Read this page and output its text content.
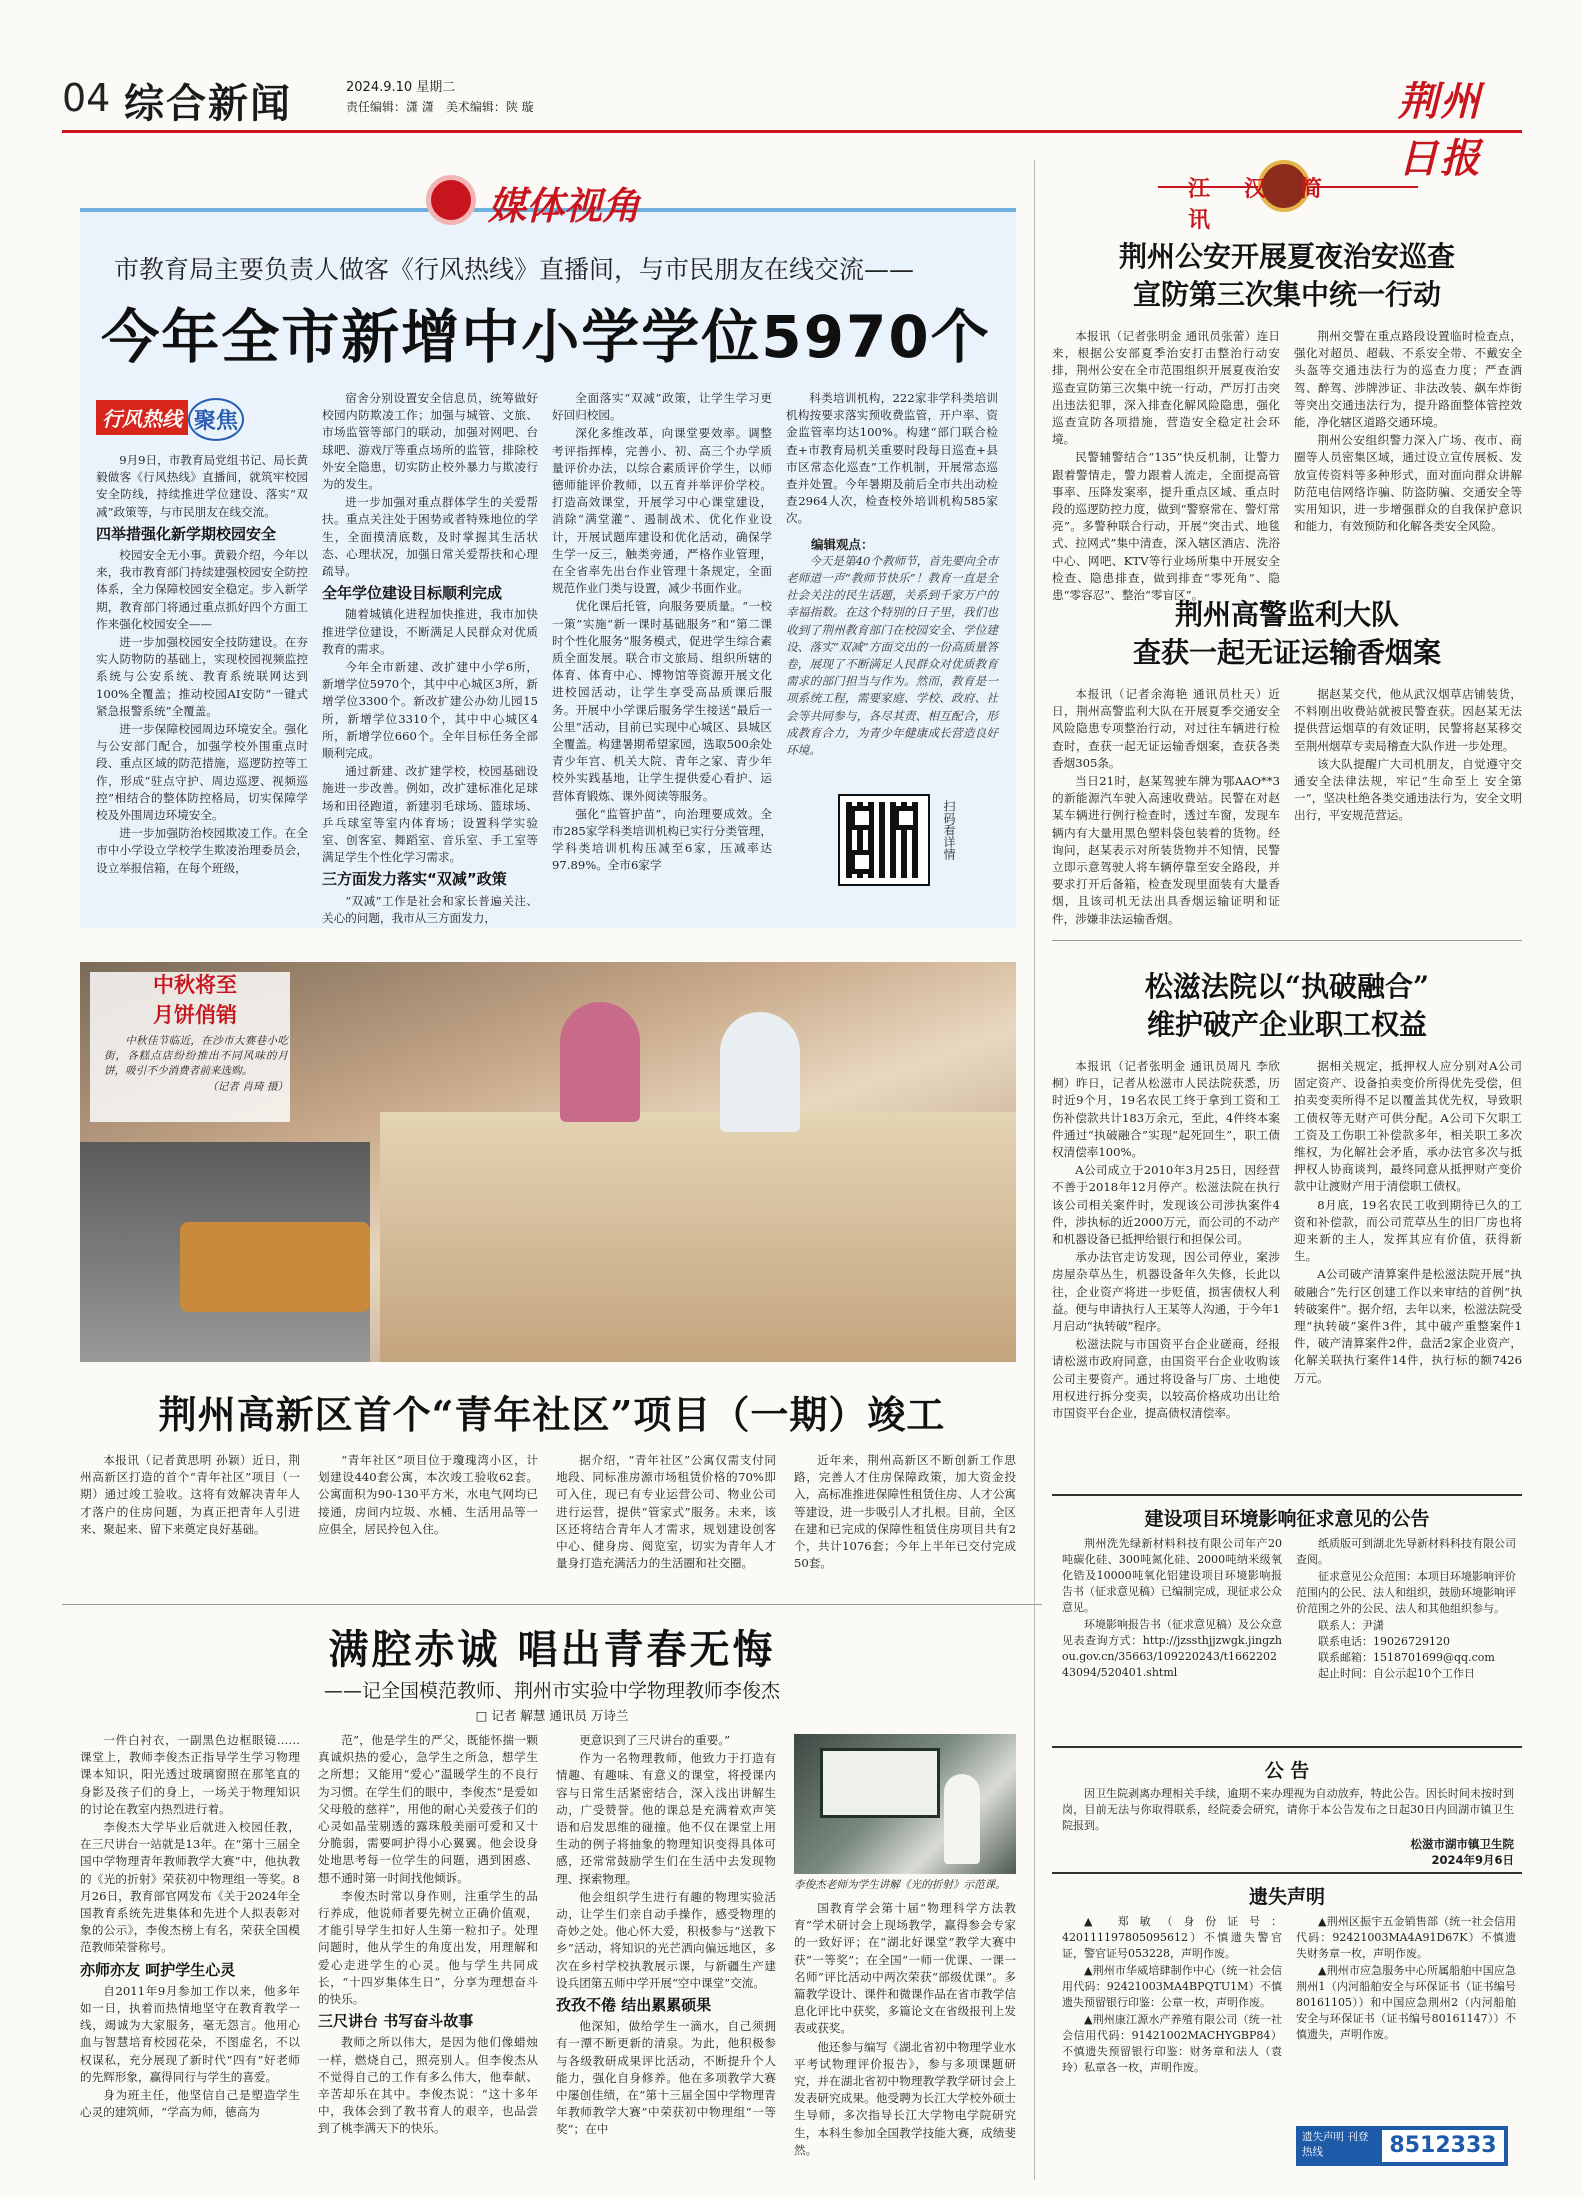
04 综合新闻	2024.9.10 星期二
责任编辑：潇 潇　美术编辑：陕 璇	荆州日报
媒体视角
市教育局主要负责人做客《行风热线》直播间，与市民朋友在线交流——
今年全市新增中小学学位5970个
行风热线 聚焦

9月9日，市教育局党组书记、局长黄毅做客《行风热线》直播间，就筑牢校园安全防线，持续推进学位建设、落实“双减”政策等，与市民朋友在线交流。

四举措强化新学期校园安全

校园安全无小事。黄毅介绍，今年以来，我市教育部门持续建强校园安全防控体系，全力保障校园安全稳定。步入新学期，教育部门将通过重点抓好四个方面工作来强化校园安全——

进一步加强校园安全技防建设。在夯实人防物防的基础上，实现校园视频监控系统与公安系统、教育系统联网达到100%全覆盖；推动校园AI安防“一键式紧急报警系统”全覆盖。

进一步保障校园周边环境安全。强化与公安部门配合，加强学校外围重点时段、重点区域的防范措施，巡逻防控等工作，形成“驻点守护、周边巡逻、视频巡控”相结合的整体防控格局，切实保障学校及外围周边环境安全。

进一步加强防治校园欺凌工作。在全市中小学设立学校学生欺凌治理委员会，设立举报信箱，在每个班级，

宿舍分别设置安全信息员，统筹做好校园内防欺凌工作；加强与城管、文旅、市场监管等部门的联动，加强对网吧、台球吧、游戏厅等重点场所的监管，排除校外安全隐患，切实防止校外暴力与欺凌行为的发生。

进一步加强对重点群体学生的关爱帮扶。重点关注处于困势或者特殊地位的学生，全面摸清底数，及时掌握其生活状态、心理状况，加强日常关爱帮扶和心理疏导。

全年学位建设目标顺利完成

随着城镇化进程加快推进，我市加快推进学位建设，不断满足人民群众对优质教育的需求。

今年全市新建、改扩建中小学6所，新增学位5970个，其中中心城区3所，新增学位3300个。新改扩建公办幼儿园15所，新增学位3310个，其中中心城区4所，新增学位660个。全年目标任务全部顺利完成。

通过新建、改扩建学校，校园基础设施进一步改善。例如，改扩建标准化足球场和田径跑道，新建羽毛球场、篮球场、乒乓球室等室内体育场；设置科学实验室、创客室、舞蹈室、音乐室、手工室等满足学生个性化学习需求。

三方面发力落实“双减”政策

“双减”工作是社会和家长普遍关注、关心的问题，我市从三方面发力，

全面落实“双减”政策，让学生学习更好回归校园。

深化多维改革，向课堂要效率。调整考评指挥棒，完善小、初、高三个办学质量评价办法，以综合素质评价学生，以师德师能评价教师，以五育并举评价学校。打造高效课堂，开展学习中心课堂建设，消除“满堂灌”、遏制战术、优化作业设计，开展试题库建设和优化活动，确保学生学一反三，触类旁通，严格作业管理，在全省率先出台作业管理十条规定，全面规范作业门类与设置，减少书面作业。

优化课后托管，向服务要质量。“一校一策”实施“新一课时基础服务”和“第二课时个性化服务”服务模式，促进学生综合素质全面发展。联合市文旅局、组织所辖的体育、体育中心、博物馆等资源开展文化进校园活动，让学生享受高品质课后服务。开展中小学课后服务学生接送“最后一公里”活动，目前已实现中心城区、县城区全覆盖。构建暑期希望家园，选取500余处青少年宫、机关大院、青年之家、青少年校外实践基地，让学生提供爱心看护、运营体育锻炼、课外阅读等服务。

强化“监管护苗”，向治理要成效。全市285家学科类培训机构已实行分类管理，学科类培训机构压减至6家，压减率达97.89%。全市6家学

科类培训机构，222家非学科类培训机构按要求落实预收费监管，开户率、资金监管率均达100%。构建“部门联合检查+市教育局机关重要时段每日巡查+县市区常态化巡查”工作机制，开展常态巡查并处置。今年暑期及前后全市共出动检查2964人次，检查校外培训机构585家次。

编辑观点：

今天是第40个教师节，首先要向全市老师道一声“教师节快乐”！教育一直是全社会关注的民生话题，关系到千家万户的幸福指数。在这个特别的日子里，我们也收到了荆州教育部门在校园安全、学位建设、落实“双减”方面交出的一份高质量答卷，展现了不断满足人民群众对优质教育需求的部门担当与作为。然而，教育是一项系统工程，需要家庭、学校、政府、社会等共同参与，各尽其责、相互配合，形成教育合力，为青少年健康成长营造良好环境。

扫码看详情
江汉简讯
荆州公安开展夏夜治安巡查
宣防第三次集中统一行动

本报讯（记者张明金 通讯员张蕾）连日来，根据公安部夏季治安打击整治行动安排，荆州公安在全市范围组织开展夏夜治安巡查宣防第三次集中统一行动，严厉打击突出违法犯罪，深入排查化解风险隐患，强化巡查宣防各项措施，营造安全稳定社会环境。

民警辅警结合“135”快反机制，让警力跟着警情走，警力跟着人流走，全面提高管事率、压降发案率，提升重点区域、重点时段的巡逻防控力度，做到“警察常在、警灯常亮”。多警种联合行动，开展“突击式、地毯式、拉网式”集中清查，深入辖区酒店、洗浴中心、网吧、KTV等行业场所集中开展安全检查、隐患排查，做到排查“零死角”、隐患“零容忍”、整治“零盲区”。

荆州交警在重点路段设置临时检查点，强化对超员、超载、不系安全带、不戴安全头盔等交通违法行为的巡查力度；严查酒驾、醉驾、涉牌涉证、非法改装、飙车炸街等突出交通违法行为，提升路面整体管控效能，净化辖区道路交通环境。

荆州公安组织警力深入广场、夜市、商圈等人员密集区域，通过设立宣传展板、发放宣传资料等多种形式，面对面向群众讲解防范电信网络诈骗、防盗防骗、交通安全等实用知识，进一步增强群众的自我保护意识和能力，有效预防和化解各类安全风险。

荆州高警监利大队
查获一起无证运输香烟案

本报讯（记者余海艳 通讯员杜天）近日，荆州高警监利大队在开展夏季交通安全风险隐患专项整治行动，对过往车辆进行检查时，查获一起无证运输香烟案，查获各类香烟305条。

当日21时，赵某驾驶车牌为鄂AAO**3的新能源汽车驶入高速收费站。民警在对赵某车辆进行例行检查时，透过车窗，发现车辆内有大量用黑色塑料袋包装着的货物。经询问，赵某表示对所装货物并不知情，民警立即示意驾驶人将车辆停靠至安全路段，并要求打开后备箱，检查发现里面装有大量香烟，且该司机无法出具香烟运输证明和证件，涉嫌非法运输香烟。

据赵某交代，他从武汉烟草店铺装货，不料刚出收费站就被民警查获。因赵某无法提供营运烟草的有效证明，民警将赵某移交至荆州烟草专卖局稽查大队作进一步处理。

该大队提醒广大司机朋友，自觉遵守交通安全法律法规，牢记“生命至上 安全第一”，坚决杜绝各类交通违法行为，安全文明出行，平安规范营运。

松滋法院以“执破融合”
维护破产企业职工权益

本报讯（记者张明金 通讯员周凡 李欣桐）昨日，记者从松滋市人民法院获悉，历时近9个月，19名农民工终于拿到工资和工伤补偿款共计183万余元，至此，4件终本案件通过“执破融合”实现“起死回生”，职工债权清偿率100%。

A公司成立于2010年3月25日，因经营不善于2018年12月停产。松滋法院在执行该公司相关案件时，发现该公司涉执案件4件，涉执标的近2000万元，而公司的不动产和机器设备已抵押给银行和担保公司。

承办法官走访发现，因公司停业，案涉房屋杂草丛生，机器设备年久失修，长此以往，企业资产将进一步贬值，损害债权人利益。便与申请执行人王某等人沟通，于今年1月启动“执转破”程序。

松滋法院与市国资平台企业磋商，经报请松滋市政府同意，由国资平台企业收购该公司主要资产。通过将设备与厂房、土地使用权进行拆分变卖，以较高价格成功出让给市国资平台企业，提高债权清偿率。

据相关规定，抵押权人应分别对A公司固定资产、设备拍卖变价所得优先受偿，但拍卖变卖所得不足以覆盖其优先权，导致职工债权等无财产可供分配。A公司下欠职工工资及工伤职工补偿款多年，相关职工多次维权，为化解社会矛盾，承办法官多次与抵押权人协商谈判，最终同意从抵押财产变价款中让渡财产用于清偿职工债权。

8月底，19名农民工收到期待已久的工资和补偿款，而公司荒草丛生的旧厂房也将迎来新的主人，发挥其应有价值，获得新生。

A公司破产清算案件是松滋法院开展“执破融合”先行区创建工作以来审结的首例“执转破案件”。据介绍，去年以来，松滋法院受理“执转破”案件3件，其中破产重整案件1件，破产清算案件2件，盘活2家企业资产，化解关联执行案件14件，执行标的额7426万元。

中秋将至
月饼俏销

中秋佳节临近，在沙市大赛巷小吃街，各糕点店纷纷推出不同风味的月饼，吸引不少消费者前来选购。

（记者 肖琦 摄）
荆州高新区首个“青年社区”项目（一期）竣工

本报讯（记者黄思明 孙颖）近日，荆州高新区打造的首个“青年社区”项目（一期）通过竣工验收。这将有效解决青年人才落户的住房问题，为真正把青年人引进来、聚起来、留下来奠定良好基础。

“青年社区”项目位于瓊瑰湾小区，计划建设440套公寓，本次竣工验收62套。公寓面积为90-130平方米，水电气网均已接通，房间内垃圾、水桶、生活用品等一应俱全，居民拎包入住。

据介绍，“青年社区”公寓仅需支付同地段、同标准房源市场租赁价格的70%即可入住，现已有专业运营公司、物业公司进行运营，提供“管家式”服务。未来，该区还将结合青年人才需求，规划建设创客中心、健身房、阅览室，切实为青年人才量身打造充满活力的生活圈和社交圈。

近年来，荆州高新区不断创新工作思路，完善人才住房保障政策，加大资金投入，高标准推进保障性租赁住房、人才公寓等建设，进一步吸引人才扎根。目前，全区在建和已完成的保障性租赁住房项目共有2个，共计1076套；今年上半年已交付完成50套。

满腔赤诚 唱出青春无悔
——记全国模范教师、荆州市实验中学物理教师李俊杰
□ 记者 解慧 通讯员 万诗兰

一件白衬衣，一副黑色边框眼镜……课堂上，教师李俊杰正指导学生学习物理课本知识，阳光透过玻璃窗照在那笔直的身影及孩子们的身上，一场关于物理知识的讨论在教室内热烈进行着。

李俊杰大学毕业后就进入校园任教，在三尺讲台一站就是13年。在“第十三届全国中学物理青年教师教学大赛”中，他执教的《光的折射》荣获初中物理组一等奖。8月26日，教育部官网发布《关于2024年全国教育系统先进集体和先进个人拟表彰对象的公示》，李俊杰榜上有名，荣获全国模范教师荣誉称号。

亦师亦友 呵护学生心灵

自2011年9月参加工作以来，他多年如一日，执着而热情地坚守在教育教学一线，竭诚为大家服务，毫无怨言。他用心血与智慧培育校园花朵，不图虚名，不以权谋私，充分展现了新时代“四有”好老师的先辉形象，赢得同行与学生的喜爱。

身为班主任，他坚信自己是塑造学生心灵的建筑师，“学高为师，德高为

范”，他是学生的严父，既能怀揣一颗真诚炽热的爱心，急学生之所急，想学生之所想；又能用“爱心”温暖学生的不良行为习惯。在学生们的眼中，李俊杰“是爱如父母般的慈祥”，用他的耐心关爱孩子们的心灵如晶莹剔透的露珠般美丽可爱和又十分脆弱，需要呵护得小心翼翼。他会设身处地思考每一位学生的问题，遇到困惑、想不通时第一时间找他倾诉。

李俊杰时常以身作则，注重学生的品行养成，他说师者要先树立正确价值观，才能引导学生扣好人生第一粒扣子。处理问题时，他从学生的角度出发，用理解和爱心走进学生的心灵。他与学生共同成长，“十四岁集体生日”，分享为理想奋斗的快乐。

三尺讲台 书写奋斗故事

教师之所以伟大，是因为他们像蜡烛一样，燃烧自己，照亮别人。但李俊杰从不觉得自己的工作有多么伟大，他奉献、辛苦却乐在其中。李俊杰说：“这十多年中，我体会到了教书育人的艰辛，也品尝到了桃李满天下的快乐。

更意识到了三尺讲台的重要。”

作为一名物理教师，他致力于打造有情趣、有趣味、有意义的课堂，将授课内容与日常生活紧密结合，深入浅出讲解生动，广受赞誉。他的课总是充满着欢声笑语和启发思维的碰撞。他不仅在课堂上用生动的例子将抽象的物理知识变得具体可感，还常常鼓励学生们在生活中去发现物理、探索物理。

他会组织学生进行有趣的物理实验活动，让学生们亲自动手操作，感受物理的奇妙之处。他心怀大爱，积极参与“送教下乡”活动，将知识的光芒洒向偏远地区，多次在乡村学校执教展示课，与新疆生产建设兵团第五师中学开展“空中课堂”交流。

孜孜不倦 结出累累硕果

他深知，做给学生一滴水，自己须拥有一潭不断更新的清泉。为此，他积极参与各级教研成果评比活动，不断提升个人能力，强化自身修养。他在多项教学大赛中屡创佳绩，在“第十三届全国中学物理青年教师教学大赛”中荣获初中物理组“一等奖”；在中

李俊杰老师为学生讲解《光的折射》示范课。

国教育学会第十届“物理科学方法教育”学术研讨会上现场教学，赢得参会专家的一致好评；在“湖北好课堂”教学大赛中获“一等奖”；在全国“一师一优课、一课一名师”评比活动中两次荣获“部级优课”。多篇教学设计、课件和微课作品在省市教学信息化评比中获奖，多篇论文在省级报刊上发表或获奖。

他还参与编写《湖北省初中物理学业水平考试物理评价报告》，参与多项课题研究，并在湖北省初中物理教学教学研讨会上发表研究成果。他受聘为长江大学校外硕士生导师，多次指导长江大学物电学院研究生，本科生参加全国教学技能大赛，成绩斐然。

建设项目环境影响征求意见的公告

荆州洗先绿新材料科技有限公司年产20吨碳化硅、300吨氮化硅、2000吨纳米级氧化锆及10000吨氧化铝建设项目环境影响报告书（征求意见稿）已编制完成，现征求公众意见。

环境影响报告书（征求意见稿）及公众意见表查询方式：http://jzssthjjzwgk.jingzhou.gov.cn/35663/109220243/t166220243094/520401.shtml

纸质版可到湖北先导新材料科技有限公司查阅。

征求意见公众范围：本项目环境影响评价范围内的公民、法人和组织，鼓励环境影响评价范围之外的公民、法人和其他组织参与。

联系人：尹潇
联系电话：19026729120
联系邮箱：1518701699@qq.com
起止时间：自公示起10个工作日
公 告
因卫生院剥离办理相关手续，逾期不来办理视为自动放弃，特此公告。因长时间未按时到岗，目前无法与你取得联系，经院委会研究，请你于本公告发布之日起30日内回湖市镇卫生院报到。
松滋市湖市镇卫生院
2024年9月6日
遗失声明

▲ 郑敏（身份证号：420111197805095612）不慎遗失警官证，警官证号053228，声明作废。

▲荆州市华威培肆制作中心（统一社会信用代码：92421003MA4BPQTU1M）不慎遗失预留银行印鉴：公章一枚，声明作废。

▲荆州康江源水产养殖有限公司（统一社会信用代码：91421002MACHYGBP84）不慎遗失预留银行印鉴：财务章和法人（袁玲）私章各一枚，声明作废。

▲荆州区振宇五金销售部（统一社会信用代码：92421003MA4A91D67K）不慎遗失财务章一枚，声明作废。

▲荆州市应急服务中心所属船舶中国应急荆州1（内河船舶安全与环保证书（证书编号80161105））和中国应急荆州2（内河船舶安全与环保证书（证书编号80161147））不慎遗失，声明作废。

遗失声明 刊登热线	8512333
